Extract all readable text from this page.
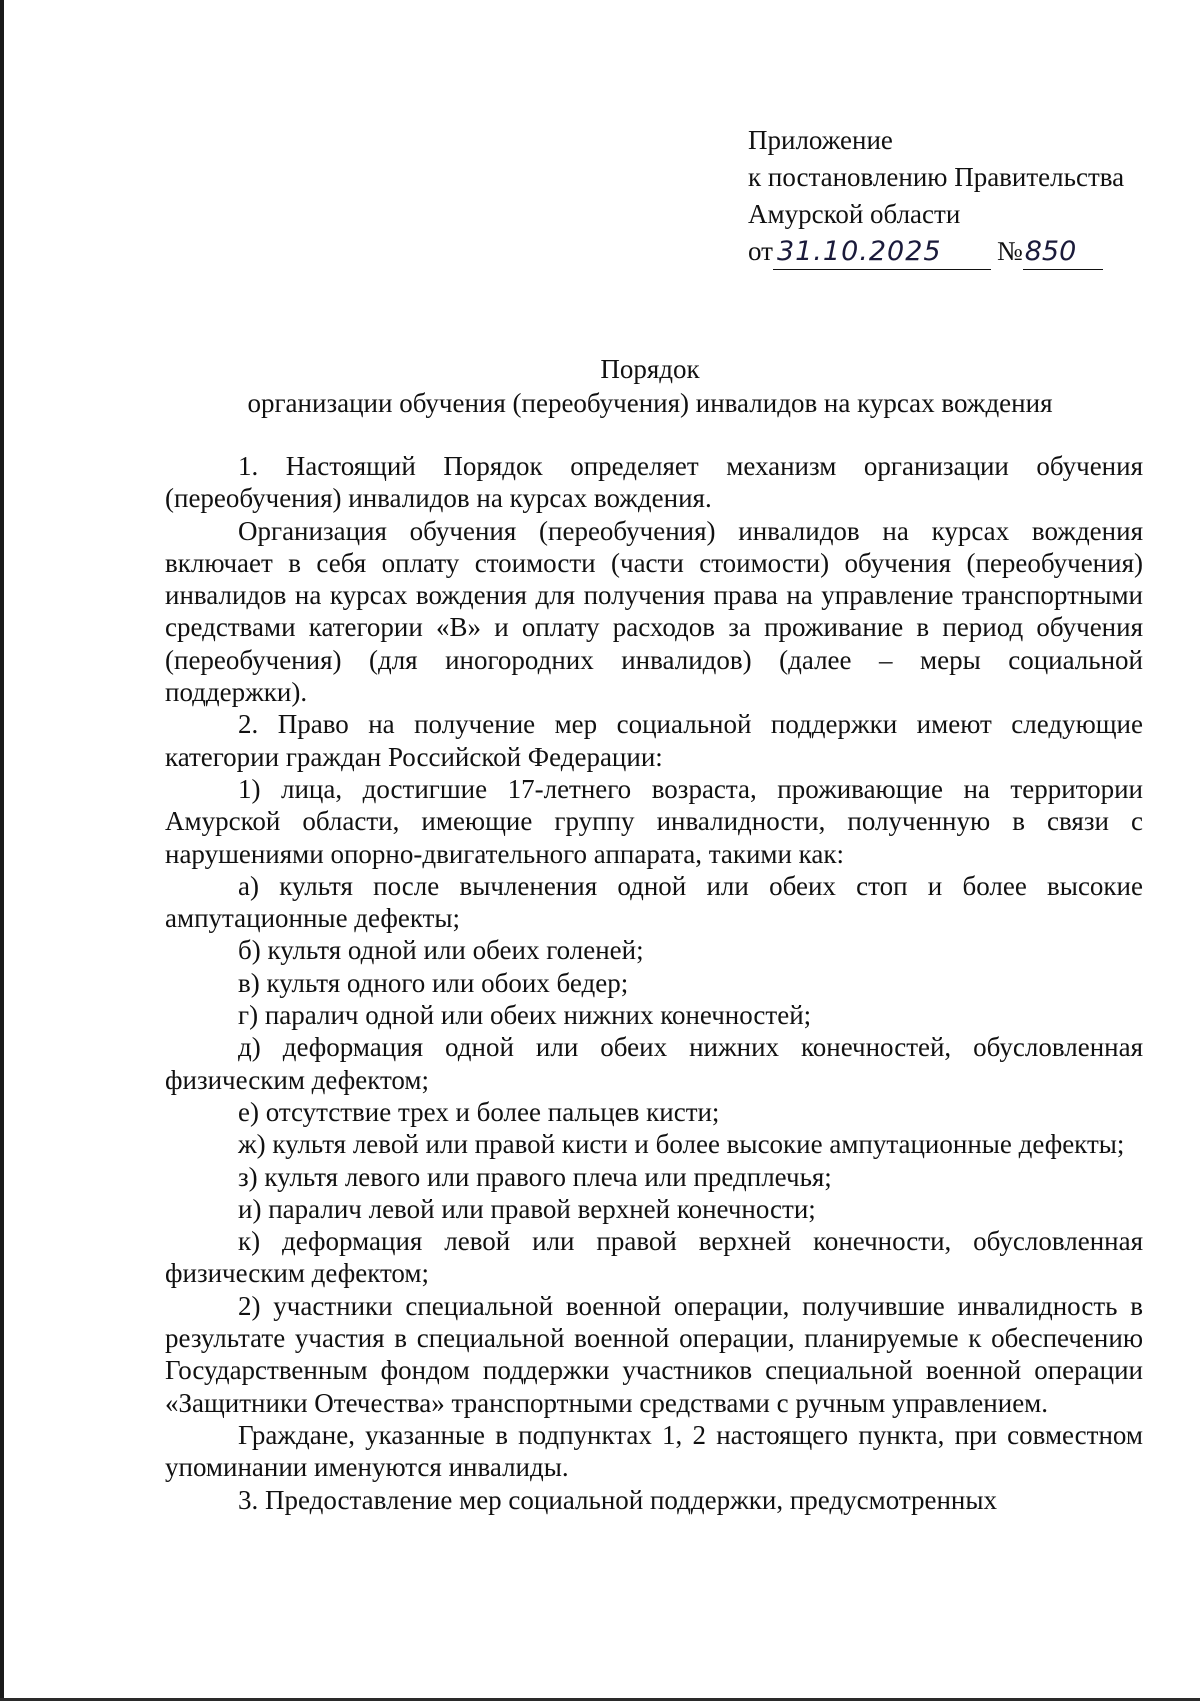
Приложение
к постановлению Правительства
Амурской области
от 31.10.2025 №850
Порядок
организации обучения (переобучения) инвалидов на курсах вождения

1. Настоящий Порядок определяет механизм организации обучения (переобучения) инвалидов на курсах вождения.

Организация обучения (переобучения) инвалидов на курсах вождения включает в себя оплату стоимости (части стоимости) обучения (переобучения) инвалидов на курсах вождения для получения права на управление транспортными средствами категории «В» и оплату расходов за проживание в период обучения (переобучения) (для иногородних инвалидов) (далее – меры социальной поддержки).

2. Право на получение мер социальной поддержки имеют следующие категории граждан Российской Федерации:

1) лица, достигшие 17-летнего возраста, проживающие на территории Амурской области, имеющие группу инвалидности, полученную в связи с нарушениями опорно-двигательного аппарата, такими как:

а) культя после вычленения одной или обеих стоп и более высокие ампутационные дефекты;

б) культя одной или обеих голеней;

в) культя одного или обоих бедер;

г) паралич одной или обеих нижних конечностей;

д) деформация одной или обеих нижних конечностей, обусловленная физическим дефектом;

е) отсутствие трех и более пальцев кисти;

ж) культя левой или правой кисти и более высокие ампутационные дефекты;

з) культя левого или правого плеча или предплечья;

и) паралич левой или правой верхней конечности;

к) деформация левой или правой верхней конечности, обусловленная физическим дефектом;

2) участники специальной военной операции, получившие инвалидность в результате участия в специальной военной операции, планируемые к обеспечению Государственным фондом поддержки участников специальной военной операции «Защитники Отечества» транспортными средствами с ручным управлением.

Граждане, указанные в подпунктах 1, 2 настоящего пункта, при совместном упоминании именуются инвалиды.

3. Предоставление мер социальной поддержки, предусмотренных
